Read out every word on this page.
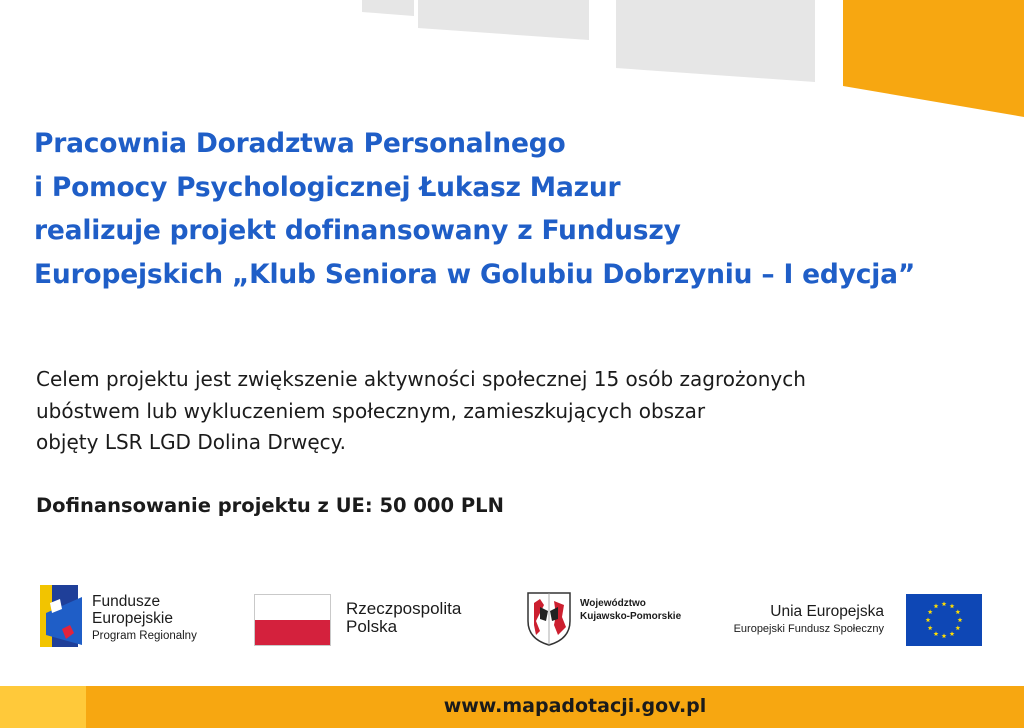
Pracownia Doradztwa Personalnego
i Pomocy Psychologicznej Łukasz Mazur
realizuje projekt dofinansowany z Funduszy
Europejskich „Klub Seniora w Golubiu Dobrzyniu – I edycja”

Celem projektu jest zwiększenie aktywności społecznej 15 osób zagrożonych
ubóstwem lub wykluczeniem społecznym, zamieszkujących obszar
objęty LSR LGD Dolina Drwęcy.

Dofinansowanie projektu z UE: 50 000 PLN

Fundusze
Europejskie
Program Regionalny
Rzeczpospolita
Polska
Województwo
Kujawsko-Pomorskie	Unia Europejska
Europejski Fundusz Społeczny
www.mapadotacji.gov.pl
